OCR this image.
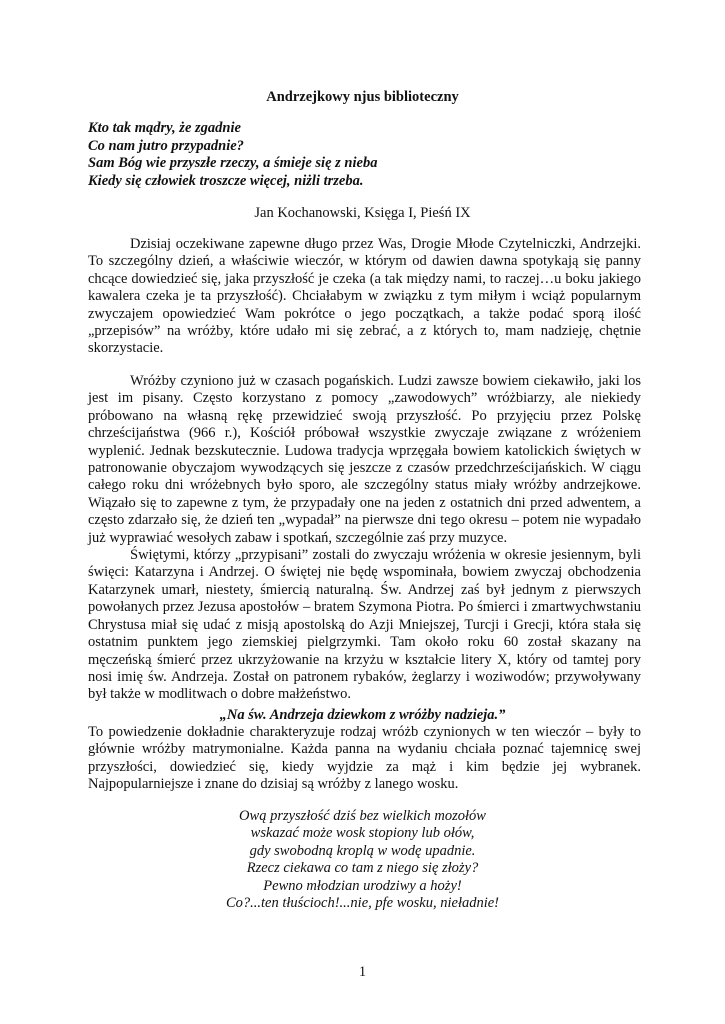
Andrzejkowy njus biblioteczny
Kto tak mądry, że zgadnie
Co nam jutro przypadnie?
Sam Bóg wie przyszłe rzeczy, a śmieje się z nieba
Kiedy się człowiek troszcze więcej, niżli trzeba.
Jan Kochanowski, Księga I, Pieśń IX

Dzisiaj oczekiwane zapewne długo przez Was, Drogie Młode Czytelniczki, Andrzejki. To szczególny dzień, a właściwie wieczór, w którym od dawien dawna spotykają się panny chcące dowiedzieć się, jaka przyszłość je czeka (a tak między nami, to raczej…u boku jakiego kawalera czeka je ta przyszłość). Chciałabym w związku z tym miłym i wciąż popularnym zwyczajem opowiedzieć Wam pokrótce o jego początkach, a także podać sporą ilość „przepisów” na wróżby, które udało mi się zebrać, a z których to, mam nadzieję, chętnie skorzystacie.

Wróżby czyniono już w czasach pogańskich. Ludzi zawsze bowiem ciekawiło, jaki los jest im pisany. Często korzystano z pomocy „zawodowych” wróżbiarzy, ale niekiedy próbowano na własną rękę przewidzieć swoją przyszłość. Po przyjęciu przez Polskę chrześcijaństwa (966 r.), Kościół próbował wszystkie zwyczaje związane z wróżeniem wyplenić. Jednak bezskutecznie. Ludowa tradycja wprzęgała bowiem katolickich świętych w patronowanie obyczajom wywodzących się jeszcze z czasów przedchrześcijańskich. W ciągu całego roku dni wróżebnych było sporo, ale szczególny status miały wróżby andrzejkowe. Wiązało się to zapewne z tym, że przypadały one na jeden z ostatnich dni przed adwentem, a często zdarzało się, że dzień ten „wypadał” na pierwsze dni tego okresu – potem nie wypadało już wyprawiać wesołych zabaw i spotkań, szczególnie zaś przy muzyce.

Świętymi, którzy „przypisani” zostali do zwyczaju wróżenia w okresie jesiennym, byli święci: Katarzyna i Andrzej. O świętej nie będę wspominała, bowiem zwyczaj obchodzenia Katarzynek umarł, niestety, śmiercią naturalną. Św. Andrzej zaś był jednym z pierwszych powołanych przez Jezusa apostołów – bratem Szymona Piotra. Po śmierci i zmartwychwstaniu Chrystusa miał się udać z misją apostolską do Azji Mniejszej, Turcji i Grecji, która stała się ostatnim punktem jego ziemskiej pielgrzymki. Tam około roku 60 został skazany na męczeńską śmierć przez ukrzyżowanie na krzyżu w kształcie litery X, który od tamtej pory nosi imię św. Andrzeja. Został on patronem rybaków, żeglarzy i woziwodów; przywoływany był także w modlitwach o dobre małżeństwo.

„Na św. Andrzeja dziewkom z wróżby nadzieja.”

To powiedzenie dokładnie charakteryzuje rodzaj wróżb czynionych w ten wieczór – były to głównie wróżby matrymonialne. Każda panna na wydaniu chciała poznać tajemnicę swej przyszłości, dowiedzieć się, kiedy wyjdzie za mąż i kim będzie jej wybranek. Najpopularniejsze i znane do dzisiaj są wróżby z lanego wosku.

Ową przyszłość dziś bez wielkich mozołów
wskazać może wosk stopiony lub ołów,
gdy swobodną kroplą w wodę upadnie.
Rzecz ciekawa co tam z niego się złoży?
Pewno młodzian urodziwy a hoży!
Co?...ten tłuścioch!...nie, pfe wosku, nieładnie!
1
